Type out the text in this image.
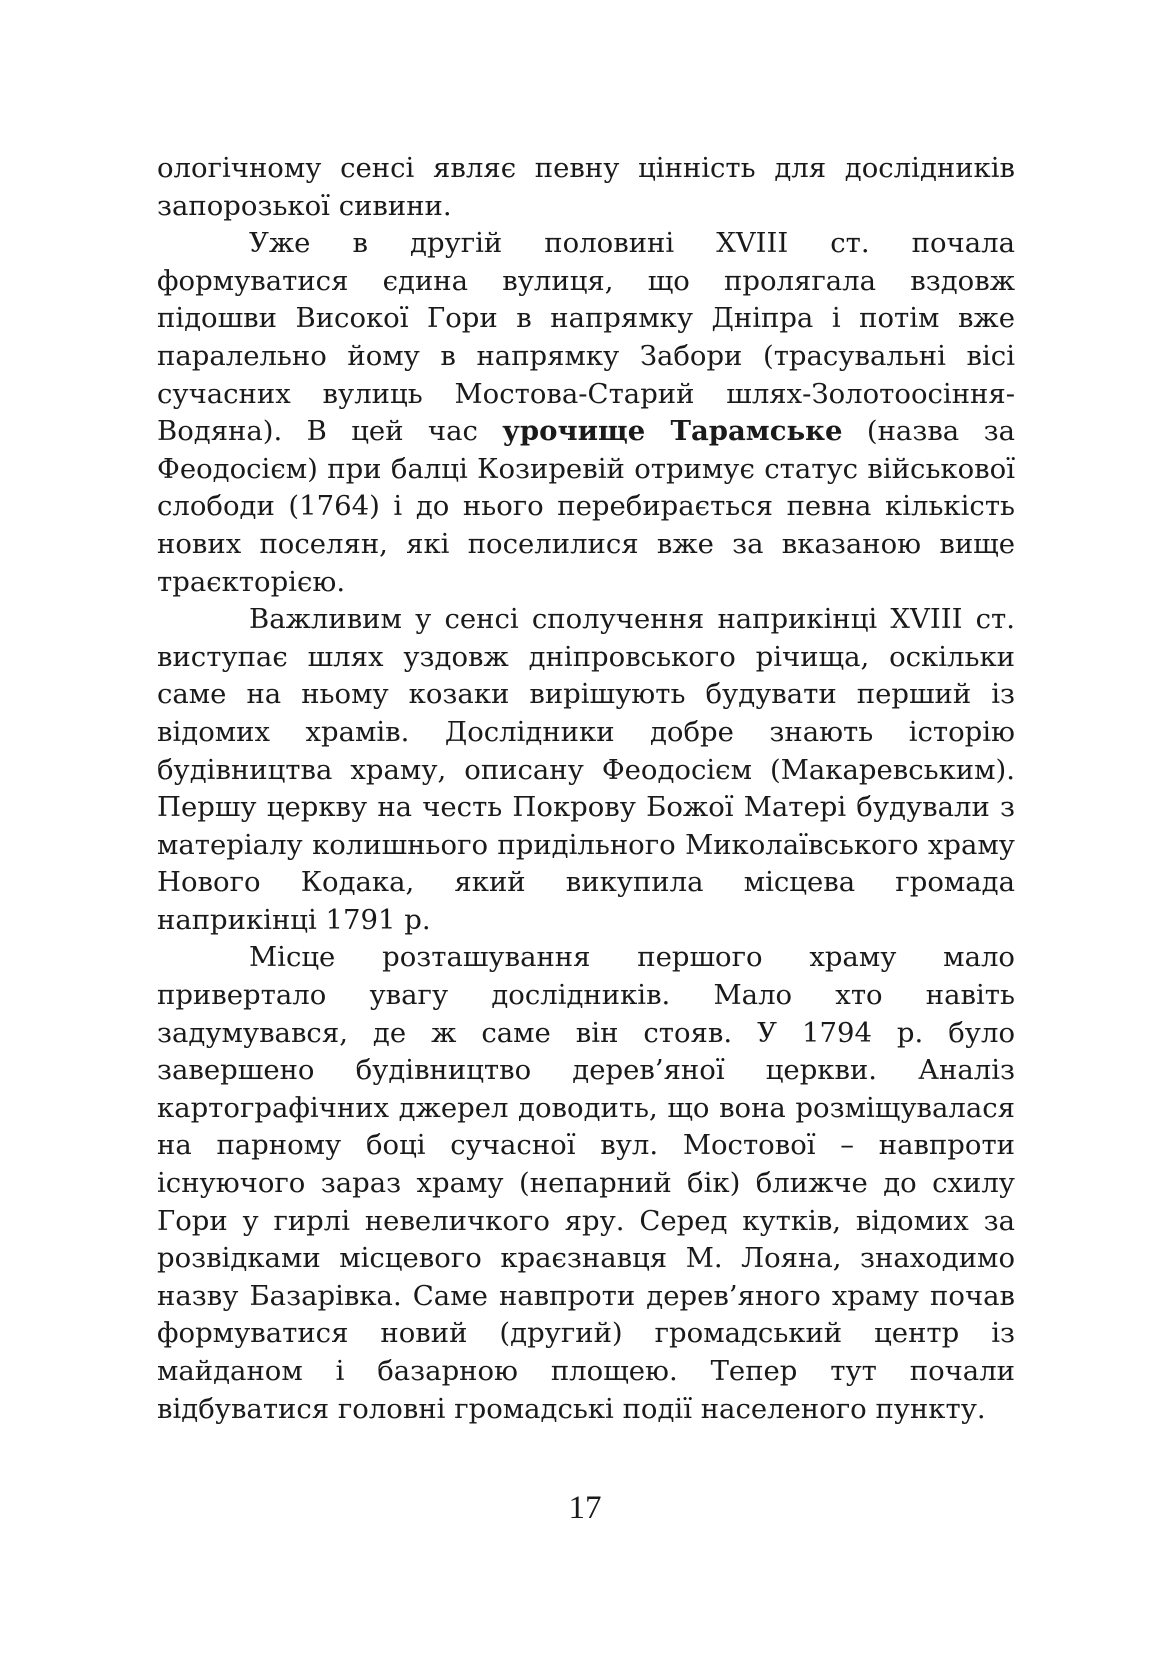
ологічному сенсі являє певну цінність для дослідників запорозької сивини.

Уже в другій половині XVIII ст. почала формуватися єдина вулиця, що пролягала вздовж підошви Високої Гори в напрямку Дніпра і потім вже паралельно йому в напрямку Забори (трасувальні вісі сучасних вулиць Мостова-Старий шлях-Золотоосіння-Водяна). В цей час урочище Тарамське (назва за Феодосієм) при балці Козиревій отримує статус військової слободи (1764) і до нього перебирається певна кількість нових поселян, які поселилися вже за вказаною вище траєкторією.

Важливим у сенсі сполучення наприкінці XVIII ст. виступає шлях уздовж дніпровського річища, оскільки саме на ньому козаки вирішують будувати перший із відомих храмів. Дослідники добре знають історію будівництва храму, описану Феодосієм (Макаревським). Першу церкву на честь Покрову Божої Матері будували з матеріалу колишнього придільного Миколаївського храму Нового Кодака, який викупила місцева громада наприкінці 1791 р.

Місце розташування першого храму мало привертало увагу дослідників. Мало хто навіть задумувався, де ж саме він стояв. У 1794 р. було завершено будівництво дерев’яної церкви. Аналіз картографічних джерел доводить, що вона розміщувалася на парному боці сучасної вул. Мостової – навпроти існуючого зараз храму (непарний бік) ближче до схилу Гори у гирлі невеличкого яру. Серед кутків, відомих за розвідками місцевого краєзнавця М. Лояна, знаходимо назву Базарівка. Саме навпроти дерев’яного храму почав формуватися новий (другий) громадський центр із майданом і базарною площею. Тепер тут почали відбуватися головні громадські події населеного пункту.

17
